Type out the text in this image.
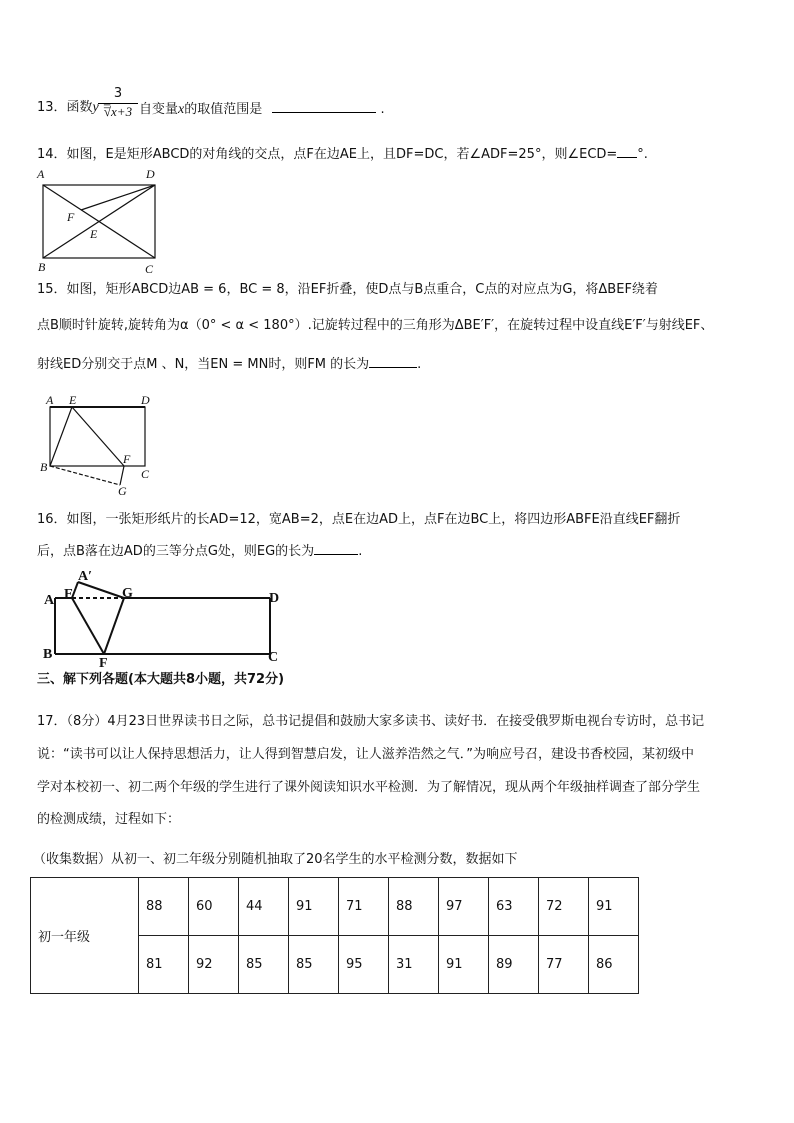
13．函数y =
3
√x+3 自变量x的取值范围是	.
14．如图，E是矩形ABCD的对角线的交点，点F在边AE上，且DF=DC，若∠ADF=25°，则∠ECD= °.
A	D
B	C
F
E
A E	D
B
F
C
G
A′
A E	G	D
B
F	C
15．如图，矩形ABCD边AB = 6，BC = 8，沿EF折叠，使D点与B点重合，C点的对应点为G，将ΔBEF绕着
点B顺时针旋转,旋转角为α（0° < α < 180°）.记旋转过程中的三角形为ΔBE′F′，在旋转过程中设直线E′F′与射线EF、
射线ED分别交于点M 、N，当EN = MN时，则FM 的长为	.
16．如图，一张矩形纸片的长AD=12，宽AB=2，点E在边AD上，点F在边BC上，将四边形ABFE沿直线EF翻折
后，点B落在边AD的三等分点G处，则EG的长为	.
三、解下列各题(本大题共8小题，共72分)
17．（8分）4月23日世界读书日之际，总书记提倡和鼓励大家多读书、读好书．在接受俄罗斯电视台专访时，总书记
说：“读书可以让人保持思想活力，让人得到智慧启发，让人滋养浩然之气．”为响应号召，建设书香校园，某初级中
学对本校初一、初二两个年级的学生进行了课外阅读知识水平检测．为了解情况，现从两个年级抽样调查了部分学生
的检测成绩，过程如下：
（收集数据）从初一、初二年级分别随机抽取了20名学生的水平检测分数，数据如下
初一年级	88	60	44	91	71	88	97	63	72	91
	81	92	85	85	95	31	91	89	77	86
